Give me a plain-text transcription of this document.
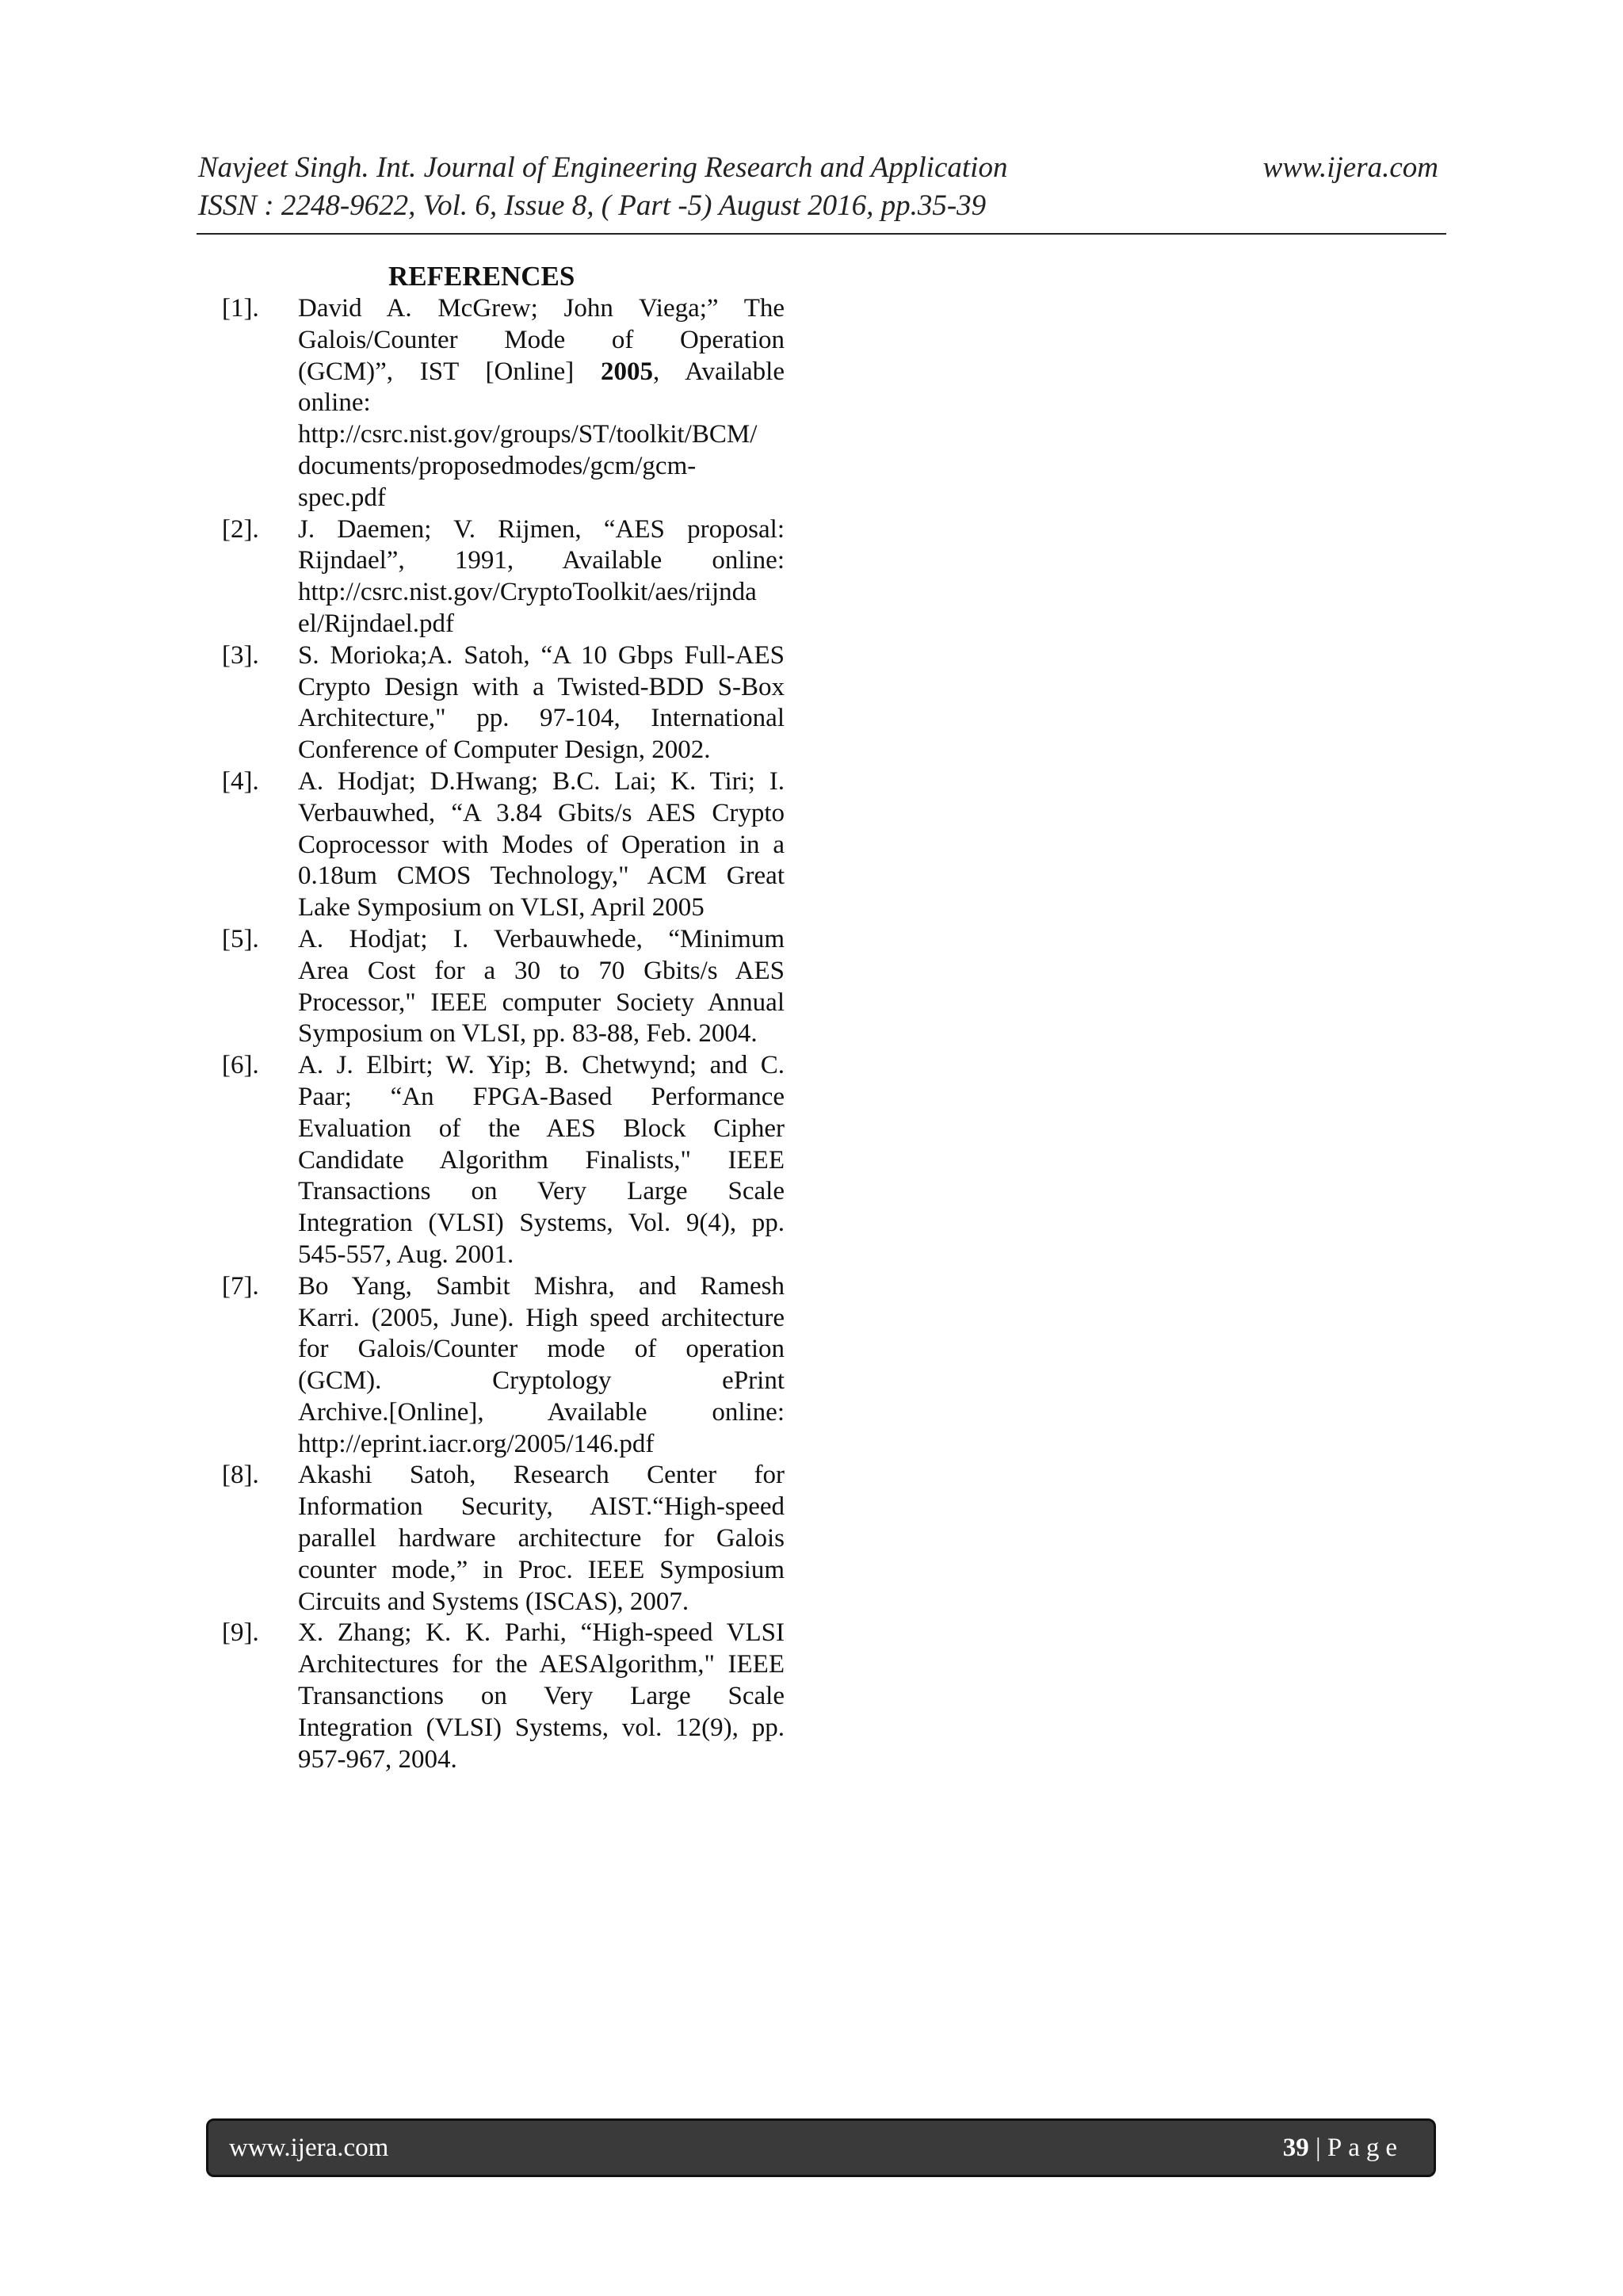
Navjeet Singh. Int. Journal of Engineering Research and Application	www.ijera.com
ISSN : 2248-9622, Vol. 6, Issue 8, ( Part -5) August 2016, pp.35-39
REFERENCES
[1].	David A. McGrew; John Viega;” The
Galois/Counter Mode of Operation
(GCM)”, IST [Online] 2005, Available
online:
http://csrc.nist.gov/groups/ST/toolkit/BCM/
documents/proposedmodes/gcm/gcm-
spec.pdf
[2].	J. Daemen; V. Rijmen, “AES proposal:
Rijndael”, 1991, Available online:
http://csrc.nist.gov/CryptoToolkit/aes/rijnda
el/Rijndael.pdf
[3].	S. Morioka;A. Satoh, “A 10 Gbps Full-AES
Crypto Design with a Twisted-BDD S-Box
Architecture," pp. 97-104, International
Conference of Computer Design, 2002.
[4].	A. Hodjat; D.Hwang; B.C. Lai; K. Tiri; I.
Verbauwhed, “A 3.84 Gbits/s AES Crypto
Coprocessor with Modes of Operation in a
0.18um CMOS Technology," ACM Great
Lake Symposium on VLSI, April 2005
[5].	A. Hodjat; I. Verbauwhede, “Minimum
Area Cost for a 30 to 70 Gbits/s AES
Processor," IEEE computer Society Annual
Symposium on VLSI, pp. 83-88, Feb. 2004.
[6].	A. J. Elbirt; W. Yip; B. Chetwynd; and C.
Paar; “An FPGA-Based Performance
Evaluation of the AES Block Cipher
Candidate Algorithm Finalists," IEEE
Transactions on Very Large Scale
Integration (VLSI) Systems, Vol. 9(4), pp.
545-557, Aug. 2001.
[7].	Bo Yang, Sambit Mishra, and Ramesh
Karri. (2005, June). High speed architecture
for Galois/Counter mode of operation
(GCM). Cryptology ePrint
Archive.[Online], Available online:
http://eprint.iacr.org/2005/146.pdf
[8].	Akashi Satoh, Research Center for
Information Security, AIST.“High-speed
parallel hardware architecture for Galois
counter mode,” in Proc. IEEE Symposium
Circuits and Systems (ISCAS), 2007.
[9].	X. Zhang; K. K. Parhi, “High-speed VLSI
Architectures for the AESAlgorithm," IEEE
Transanctions on Very Large Scale
Integration (VLSI) Systems, vol. 12(9), pp.
957-967, 2004.
www.ijera.com	39 | Page
